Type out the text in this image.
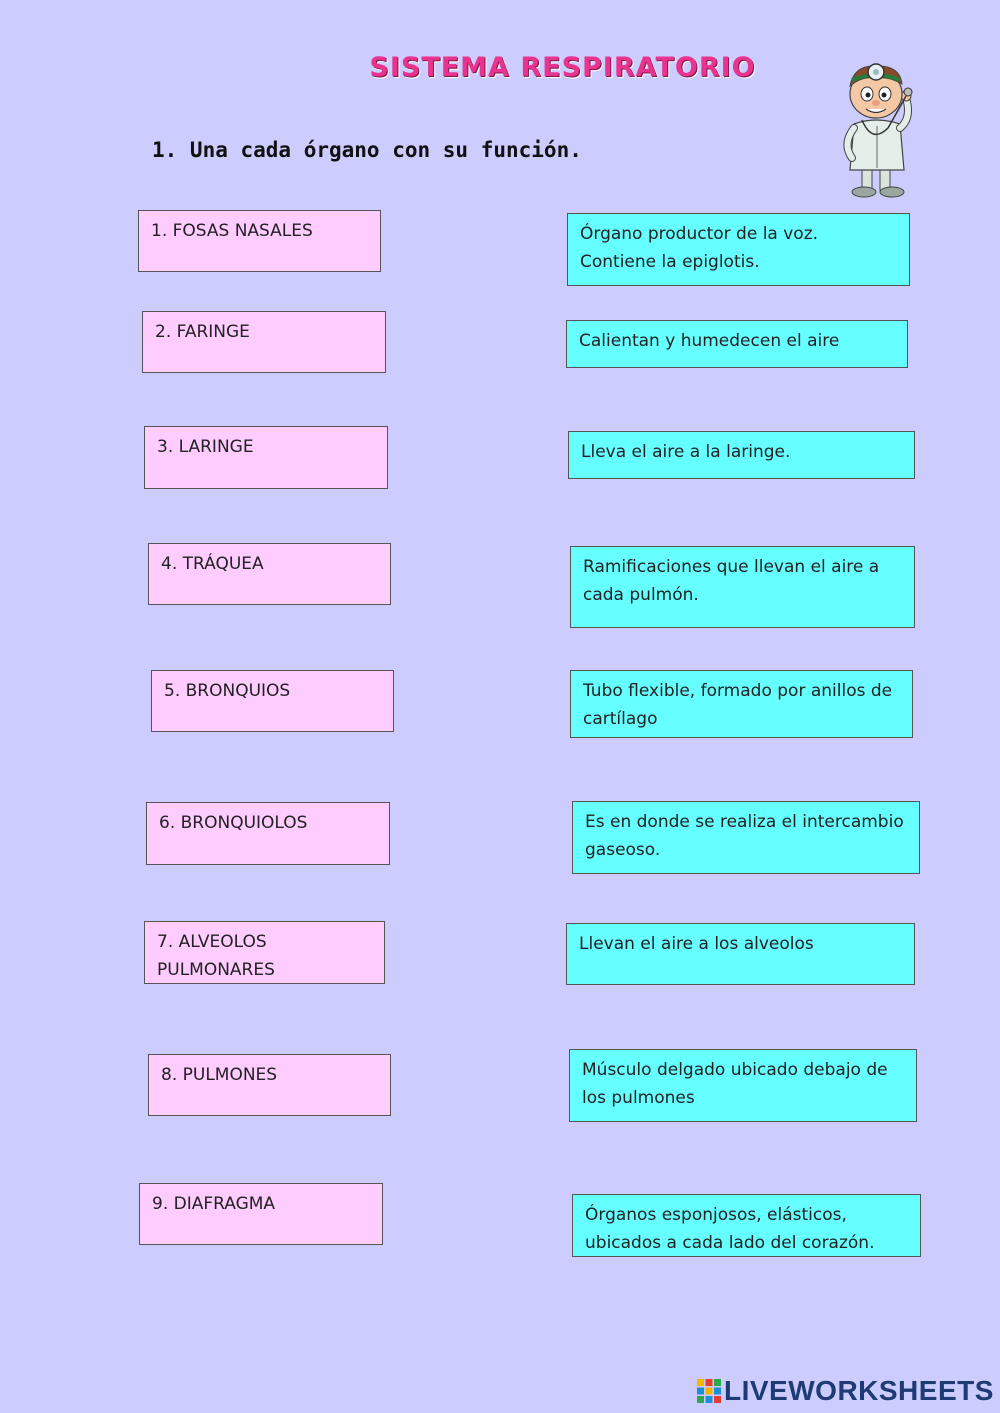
SISTEMA RESPIRATORIO
1. Una cada órgano con su función.
1. FOSAS NASALES
2. FARINGE
3. LARINGE
4. TRÁQUEA
5. BRONQUIOS
6. BRONQUIOLOS
7. ALVEOLOS PULMONARES
8. PULMONES
9. DIAFRAGMA
Órgano productor de la voz. Contiene la epiglotis.
Calientan y humedecen el aire
Lleva el aire a la laringe.
Ramificaciones que llevan el aire a cada pulmón.
Tubo flexible, formado por anillos de cartílago
Es en donde se realiza el intercambio gaseoso.
Llevan el aire a los alveolos
Músculo delgado ubicado debajo de los pulmones
Órganos esponjosos, elásticos, ubicados a cada lado del corazón.
LIVEWORKSHEETS
